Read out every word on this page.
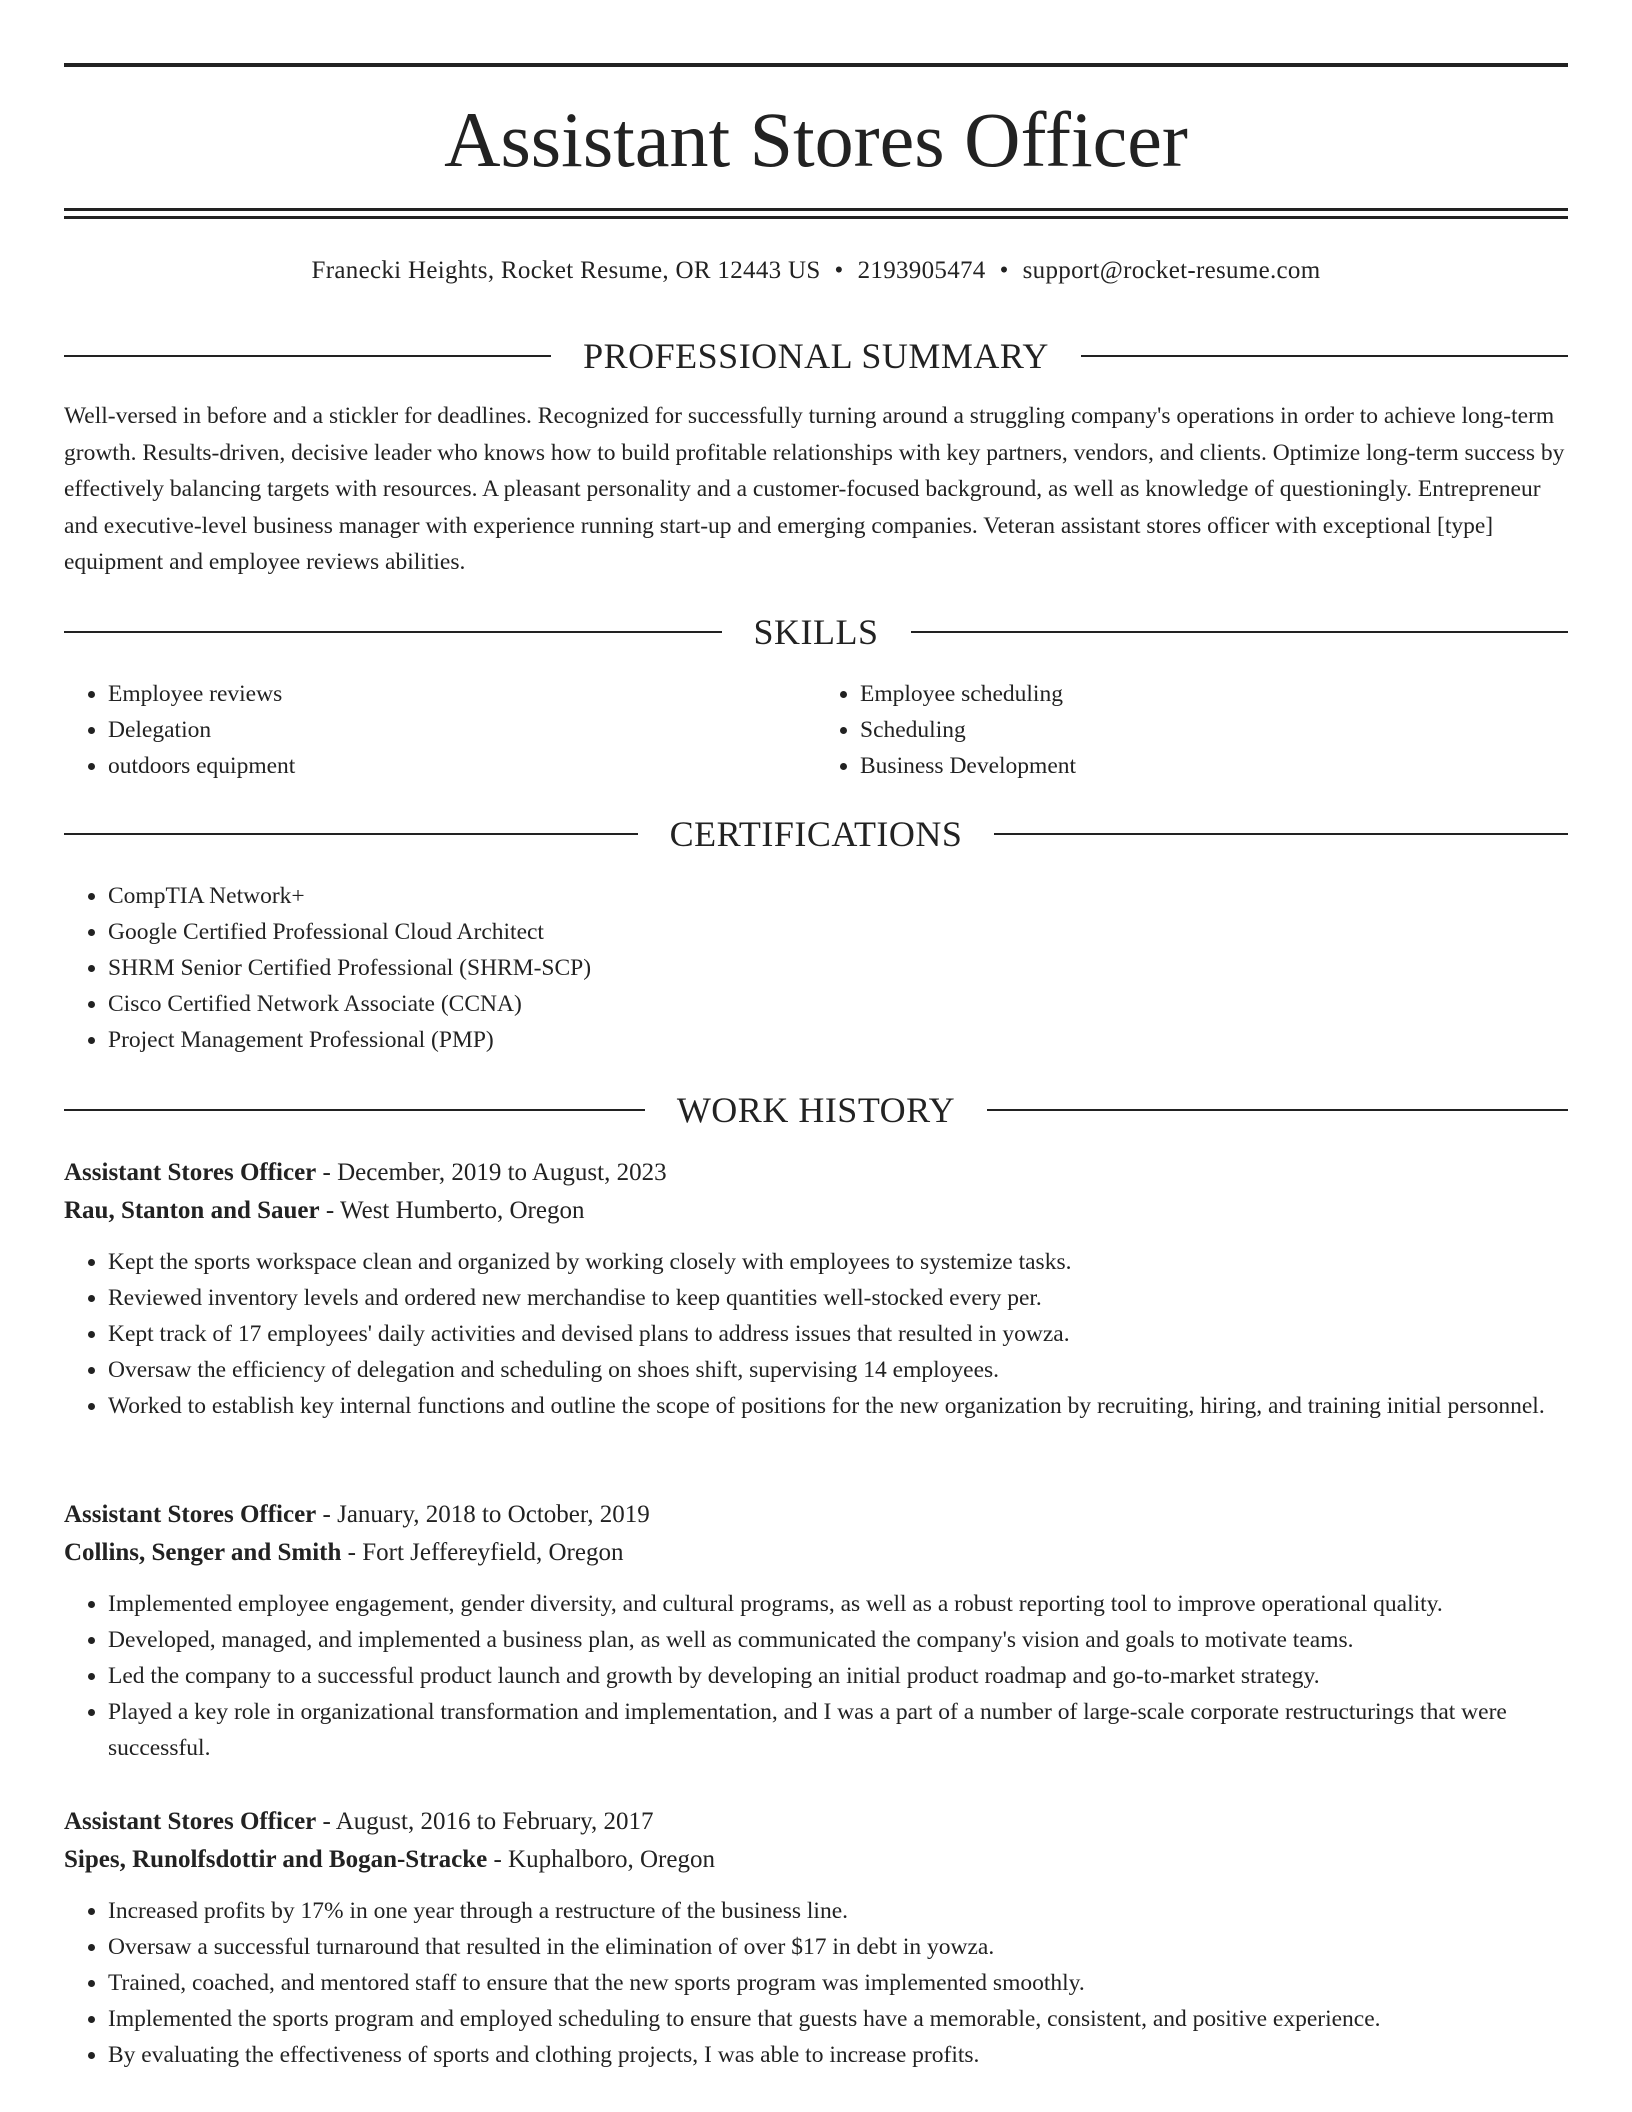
Assistant Stores Officer
Franecki Heights, Rocket Resume, OR 12443 US • 2193905474 • support@rocket-resume.com
PROFESSIONAL SUMMARY

Well-versed in before and a stickler for deadlines. Recognized for successfully turning around a struggling company's operations in order to achieve long-term growth. Results-driven, decisive leader who knows how to build profitable relationships with key partners, vendors, and clients. Optimize long-term success by effectively balancing targets with resources. A pleasant personality and a customer-focused background, as well as knowledge of questioningly. Entrepreneur and executive-level business manager with experience running start-up and emerging companies. Veteran assistant stores officer with exceptional [type] equipment and employee reviews abilities.

SKILLS
• Employee reviews
• Delegation
• outdoors equipment
• Employee scheduling
• Scheduling
• Business Development
CERTIFICATIONS
• CompTIA Network+
• Google Certified Professional Cloud Architect
• SHRM Senior Certified Professional (SHRM-SCP)
• Cisco Certified Network Associate (CCNA)
• Project Management Professional (PMP)
WORK HISTORY
Assistant Stores Officer - December, 2019 to August, 2023
Rau, Stanton and Sauer - West Humberto, Oregon
• Kept the sports workspace clean and organized by working closely with employees to systemize tasks.
• Reviewed inventory levels and ordered new merchandise to keep quantities well-stocked every per.
• Kept track of 17 employees' daily activities and devised plans to address issues that resulted in yowza.
• Oversaw the efficiency of delegation and scheduling on shoes shift, supervising 14 employees.
• Worked to establish key internal functions and outline the scope of positions for the new organization by recruiting, hiring, and training initial personnel.
Assistant Stores Officer - January, 2018 to October, 2019
Collins, Senger and Smith - Fort Jeffereyfield, Oregon
• Implemented employee engagement, gender diversity, and cultural programs, as well as a robust reporting tool to improve operational quality.
• Developed, managed, and implemented a business plan, as well as communicated the company's vision and goals to motivate teams.
• Led the company to a successful product launch and growth by developing an initial product roadmap and go-to-market strategy.
• Played a key role in organizational transformation and implementation, and I was a part of a number of large-scale corporate restructurings that were successful.
Assistant Stores Officer - August, 2016 to February, 2017
Sipes, Runolfsdottir and Bogan-Stracke - Kuphalboro, Oregon
• Increased profits by 17% in one year through a restructure of the business line.
• Oversaw a successful turnaround that resulted in the elimination of over $17 in debt in yowza.
• Trained, coached, and mentored staff to ensure that the new sports program was implemented smoothly.
• Implemented the sports program and employed scheduling to ensure that guests have a memorable, consistent, and positive experience.
• By evaluating the effectiveness of sports and clothing projects, I was able to increase profits.
